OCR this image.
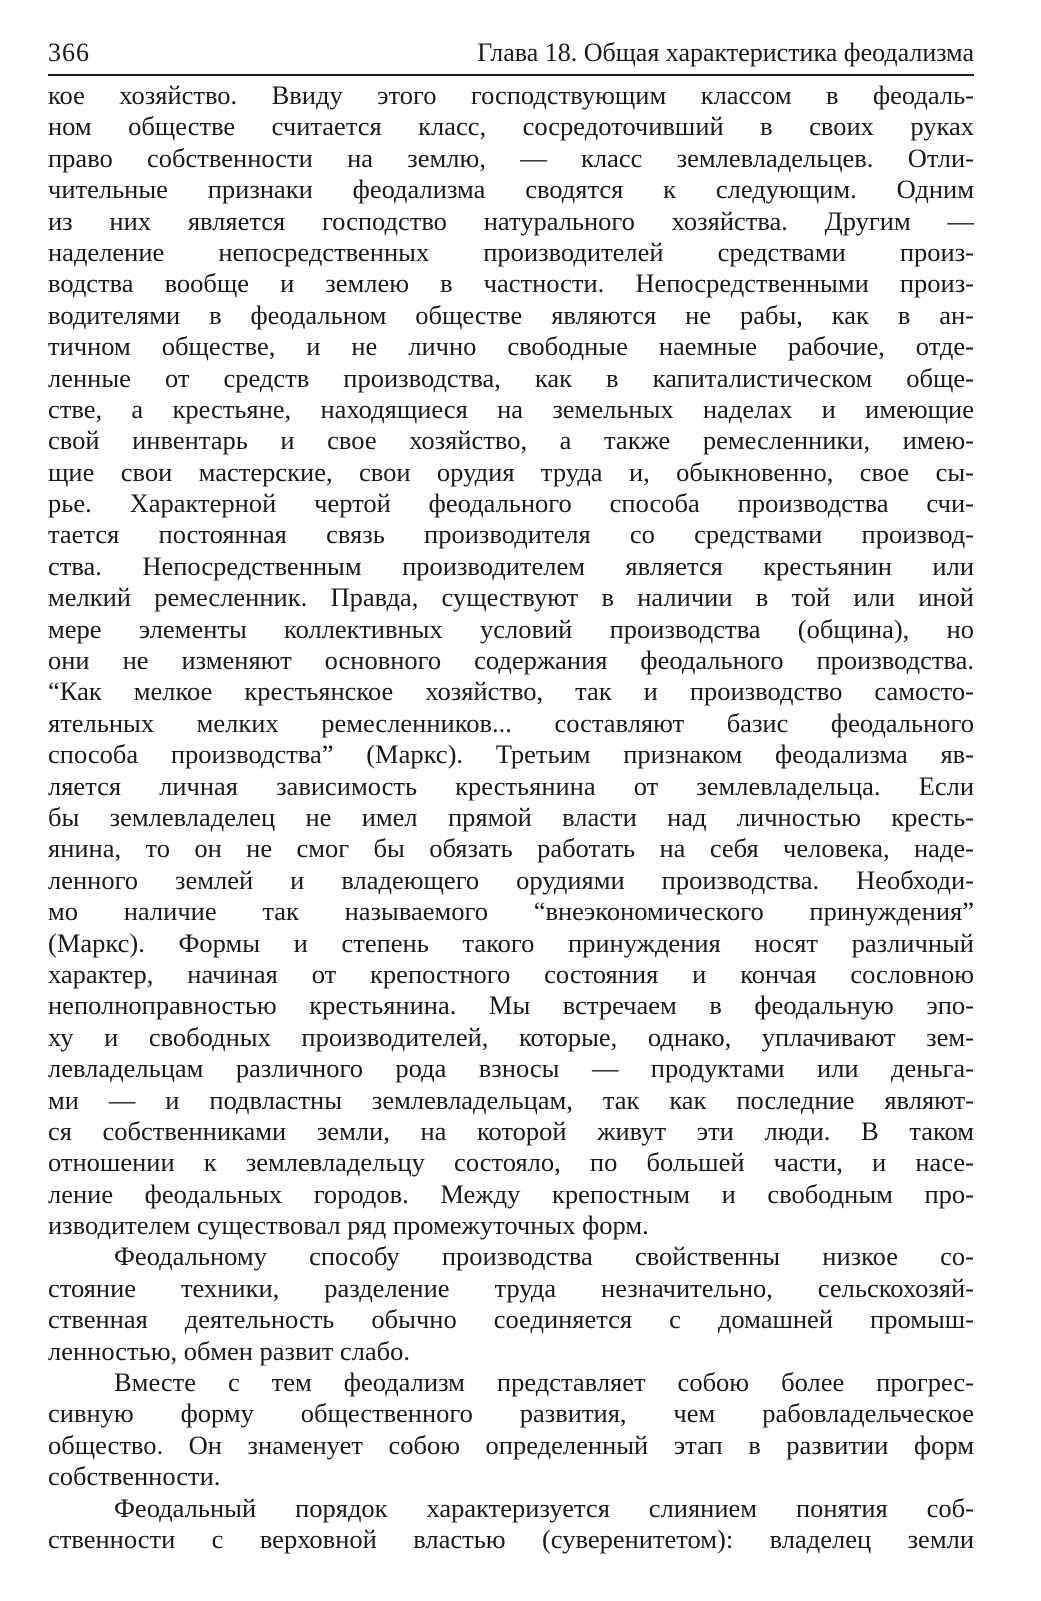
366	Глава 18. Общая характеристика феодализма
кое хозяйство. Ввиду этого господствующим классом в феодаль-
ном обществе считается класс, сосредоточивший в своих руках
право собственности на землю, — класс землевладельцев. Отли-
чительные признаки феодализма сводятся к следующим. Одним
из них является господство натурального хозяйства. Другим —
наделение непосредственных производителей средствами произ-
водства вообще и землею в частности. Непосредственными произ-
водителями в феодальном обществе являются не рабы, как в ан-
тичном обществе, и не лично свободные наемные рабочие, отде-
ленные от средств производства, как в капиталистическом обще-
стве, а крестьяне, находящиеся на земельных наделах и имеющие
свой инвентарь и свое хозяйство, а также ремесленники, имею-
щие свои мастерские, свои орудия труда и, обыкновенно, свое сы-
рье. Характерной чертой феодального способа производства счи-
тается постоянная связь производителя со средствами производ-
ства. Непосредственным производителем является крестьянин или
мелкий ремесленник. Правда, существуют в наличии в той или иной
мере элементы коллективных условий производства (община), но
они не изменяют основного содержания феодального производства.
“Как мелкое крестьянское хозяйство, так и производство самосто-
ятельных мелких ремесленников... составляют базис феодального
способа производства” (Маркс). Третьим признаком феодализма яв-
ляется личная зависимость крестьянина от землевладельца. Если
бы землевладелец не имел прямой власти над личностью кресть-
янина, то он не смог бы обязать работать на себя человека, наде-
ленного землей и владеющего орудиями производства. Необходи-
мо наличие так называемого “внеэкономического принуждения”
(Маркс). Формы и степень такого принуждения носят различный
характер, начиная от крепостного состояния и кончая сословною
неполноправностью крестьянина. Мы встречаем в феодальную эпо-
ху и свободных производителей, которые, однако, уплачивают зем-
левладельцам различного рода взносы — продуктами или деньга-
ми — и подвластны землевладельцам, так как последние являют-
ся собственниками земли, на которой живут эти люди. В таком
отношении к землевладельцу состояло, по большей части, и насе-
ление феодальных городов. Между крепостным и свободным про-
изводителем существовал ряд промежуточных форм.
Феодальному способу производства свойственны низкое со-
стояние техники, разделение труда незначительно, сельскохозяй-
ственная деятельность обычно соединяется с домашней промыш-
ленностью, обмен развит слабо.
Вместе с тем феодализм представляет собою более прогрес-
сивную форму общественного развития, чем рабовладельческое
общество. Он знаменует собою определенный этап в развитии форм
собственности.
Феодальный порядок характеризуется слиянием понятия соб-
ственности с верховной властью (суверенитетом): владелец земли
